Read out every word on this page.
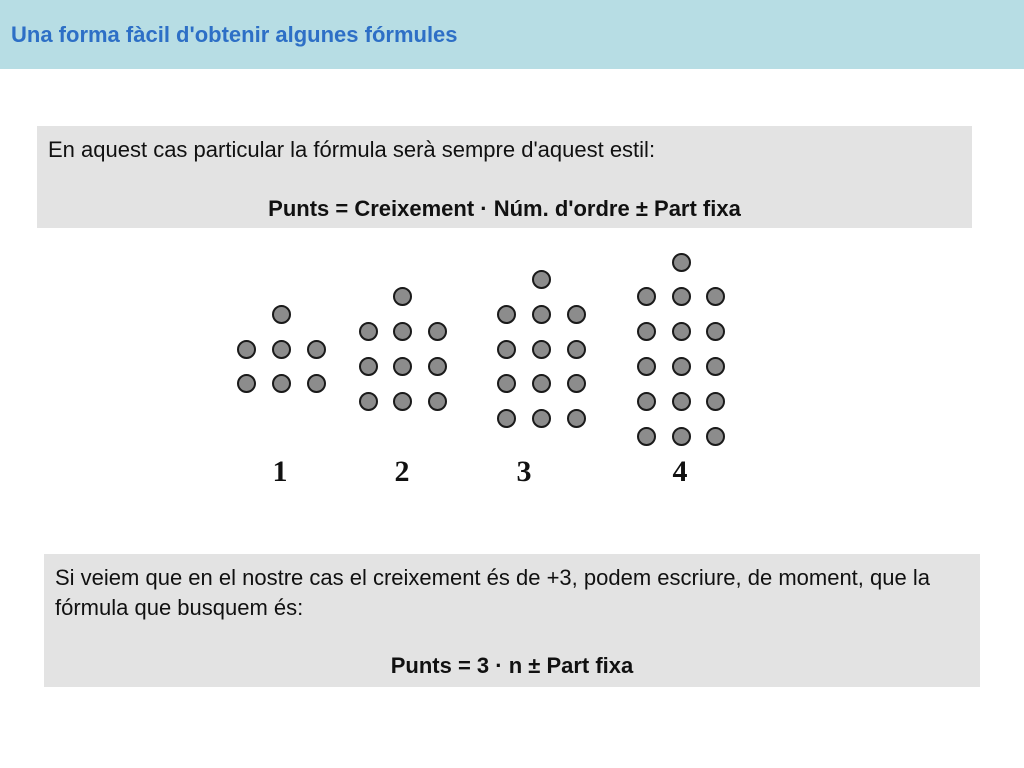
Una forma fàcil d'obtenir algunes fórmules
En aquest cas particular la fórmula serà sempre d'aquest estil:
Punts = Creixement · Núm. d'ordre ± Part fixa
1	2	3	4
Si veiem que en el nostre cas el creixement és de +3, podem escriure, de moment, que la fórmula que busquem és:
Punts = 3 · n ± Part fixa
